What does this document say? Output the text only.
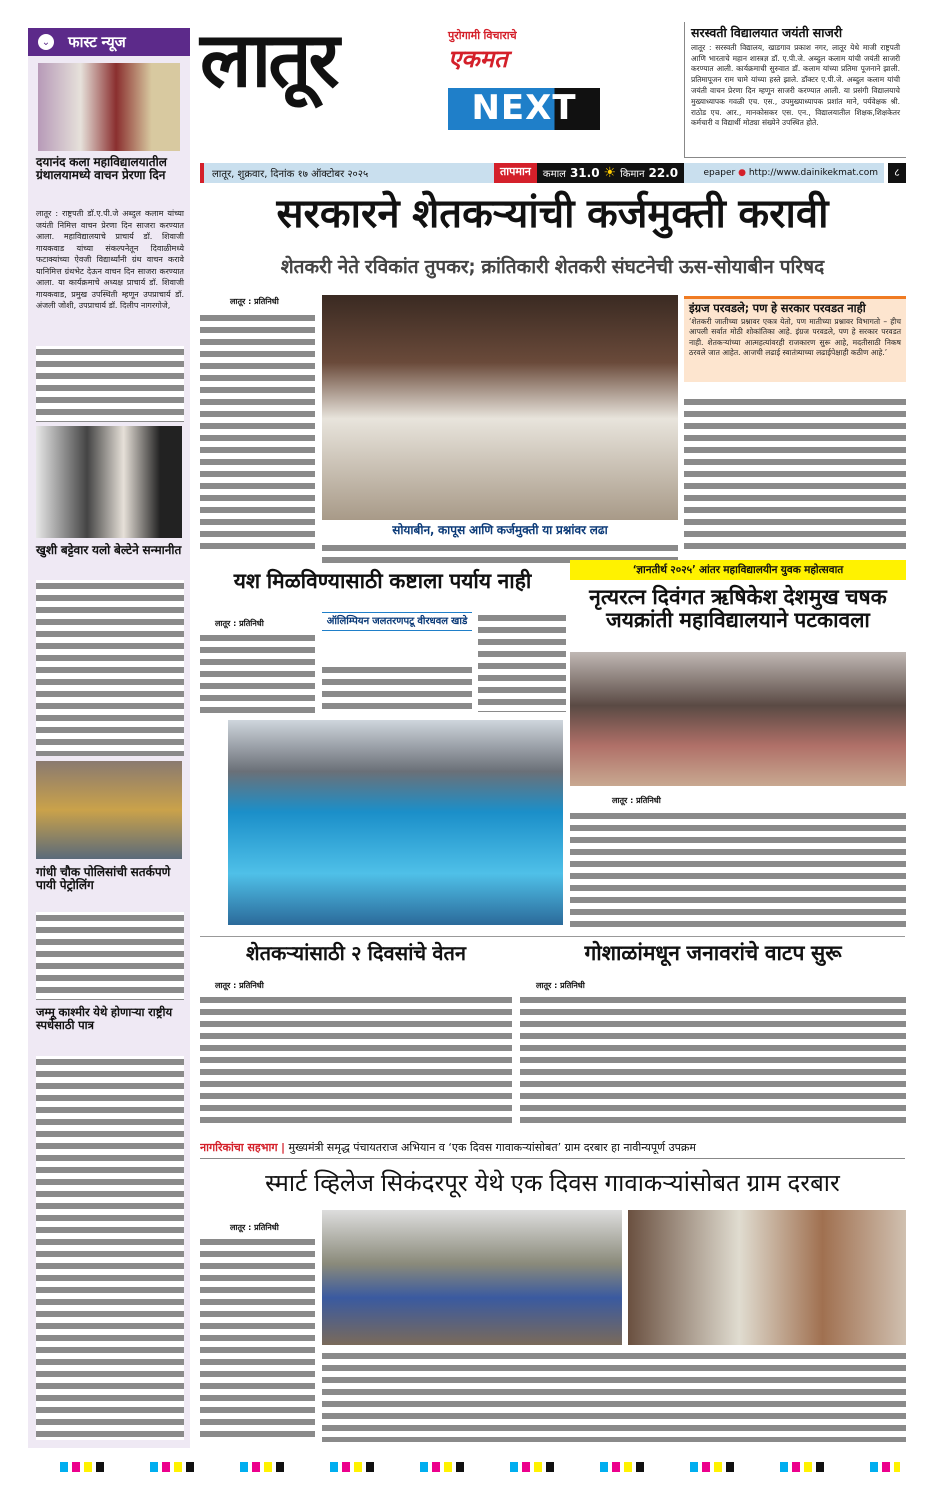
⌄ फास्ट न्यूज
दयानंद कला महाविद्यालयातील ग्रंथालयामध्ये वाचन प्रेरणा दिन
लातूर : राष्ट्रपती डॉ.ए.पी.जे अब्दुल कलाम यांच्या जयंती निमित्त वाचन प्रेरणा दिन साजरा करण्यात आला. महाविद्यालयाचे प्राचार्य डॉ. शिवाजी गायकवाड यांच्या संकल्पनेतून दिवाळीमध्ये फटाक्यांच्या ऐवजी विद्यार्थ्यांनी ग्रंथ वाचन करावे यानिमित्त ग्रंथभेट देऊन वाचन दिन साजरा करण्यात आला. या कार्यक्रमाचे अध्यक्ष प्राचार्य डॉ. शिवाजी गायकवाड, प्रमुख उपस्थिती म्हणून उपप्राचार्य डॉ. अंजली जोशी, उपप्राचार्य डॉ. दिलीप नागरगोजे,
खुशी बट्टेवार यलो बेल्टेने सन्मानीत
गांधी चौक पोलिसांची सतर्कपणे पायी पेट्रोलिंग
जम्मू काश्मीर येथे होणाऱ्या राष्ट्रीय स्पर्धेसाठी पात्र
लातूर	पुरोगामी विचाराचे
एकमत
NEXT
सरस्वती विद्यालयात जयंती साजरी
लातूर : सरस्वती विद्यालय, खाडगाव प्रकाश नगर, लातूर येथे माजी राष्ट्रपती आणि भारताचे महान शास्त्रज्ञ डॉ. ए.पी.जे. अब्दुल कलाम यांची जयंती साजरी करण्यात आली. कार्यक्रमाची सुरुवात डॉ. कलाम यांच्या प्रतिमा पूजनाने झाली. प्रतिमापूजन राम चामे यांच्या हस्ते झाले. डॉक्टर ए.पी.जे. अब्दुल कलाम यांची जयंती वाचन प्रेरणा दिन म्हणून साजरी करण्यात आली. या प्रसंगी विद्यालयाचे मुख्याध्यापक गवळी एच. एस., उपमुख्याध्यापक प्रशांत माने, पर्यवेक्षक श्री. राठोड एच. आर., मानकोसकर एस. एन., विद्यालयातील शिक्षक,शिक्षकेतर कर्मचारी व विद्यार्थी मोठ्या संख्येने उपस्थित होते.
लातूर, शुक्रवार, दिनांक १७ ऑक्टोबर २०२५	तापमान	कमाल 31.0 ☀ किमान 22.0	epaper ● http://www.dainikekmat.com	८
सरकारने शेतकऱ्यांची कर्जमुक्ती करावी
शेतकरी नेते रविकांत तुपकर; क्रांतिकारी शेतकरी संघटनेची ऊस-सोयाबीन परिषद
लातूर : प्रतिनिधी
सोयाबीन, कापूस आणि कर्जमुक्ती या प्रश्नांवर लढा
इंग्रज परवडले; पण हे सरकार परवडत नाही
‘शेतकरी जातीच्या प्रश्नावर एकत्र येतो, पण मातीच्या प्रश्नावर विभागतो – हीच आपली सर्वात मोठी शोकांतिका आहे. इंग्रज परवडले, पण हे सरकार परवडत नाही. शेतकऱ्यांच्या आत्महत्यांवरही राजकारण सुरू आहे, मदतीसाठी निकष ठरवले जात आहेत. आजची लढाई स्वातंत्र्याच्या लढाईपेक्षाही कठीण आहे.’
यश मिळविण्यासाठी कष्टाला पर्याय नाही
लातूर : प्रतिनिधी	ऑलिम्पियन जलतरणपटू वीरधवल खाडे
‘ज्ञानतीर्थ २०२५’ आंतर महाविद्यालयीन युवक महोत्सवात
नृत्यरत्न दिवंगत ऋषिकेश देशमुख चषक जयक्रांती महाविद्यालयाने पटकावला
लातूर : प्रतिनिधी
शेतकऱ्यांसाठी २ दिवसांचे वेतन
लातूर : प्रतिनिधी
गोशाळांमधून जनावरांचे वाटप सुरू
लातूर : प्रतिनिधी
नागरिकांचा सहभाग | मुख्यमंत्री समृद्ध पंचायतराज अभियान व ‘एक दिवस गावाकऱ्यांसोबत’ ग्राम दरबार हा नावीन्यपूर्ण उपक्रम
स्मार्ट व्हिलेज सिकंदरपूर येथे एक दिवस गावाकऱ्यांसोबत ग्राम दरबार
लातूर : प्रतिनिधी
